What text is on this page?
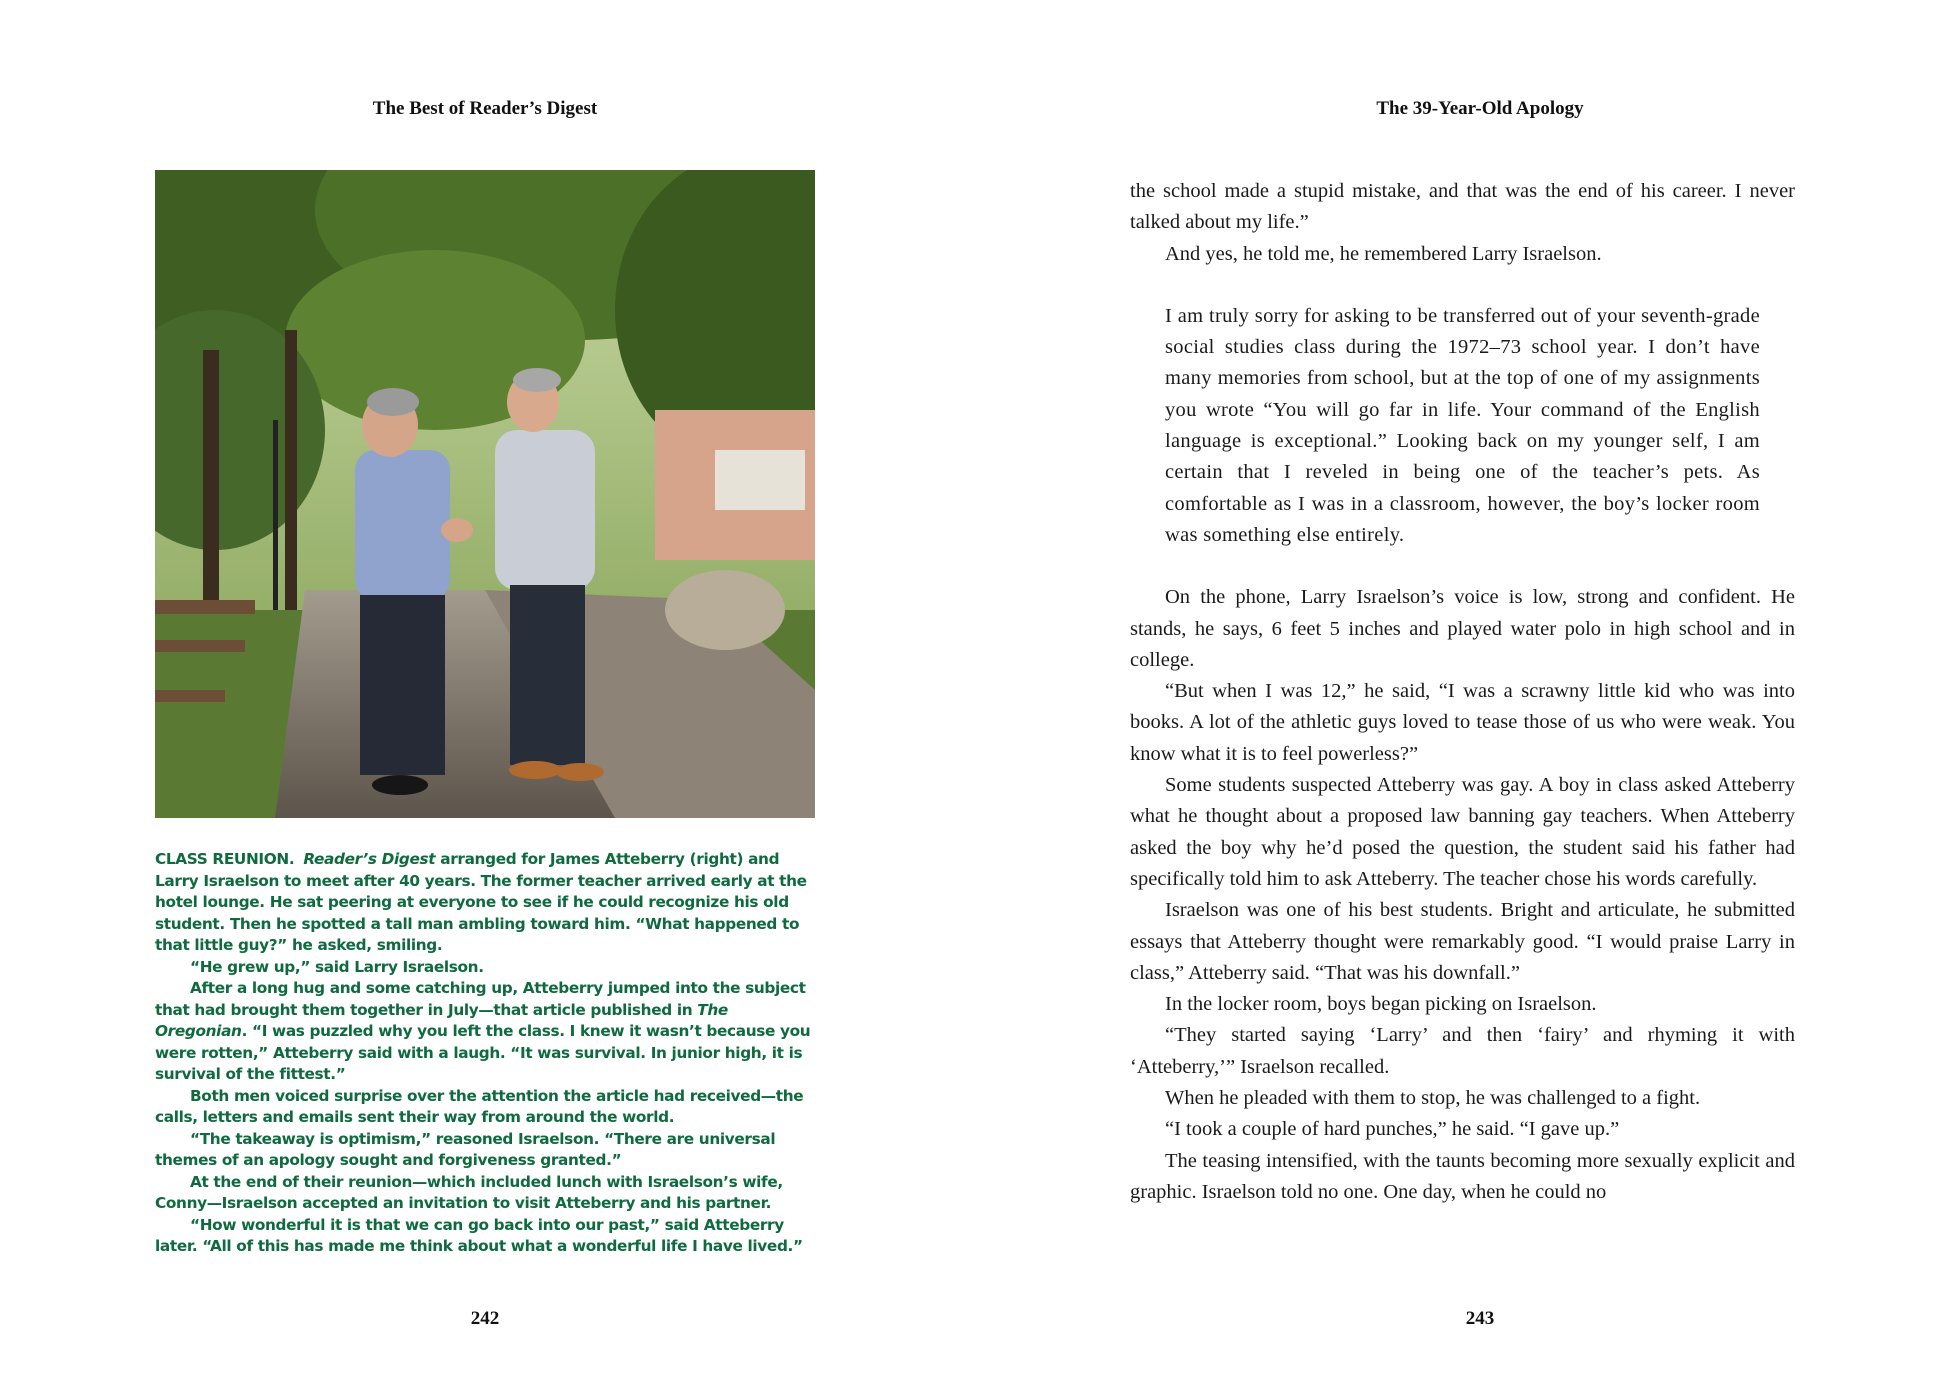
The Best of Reader’s Digest

CLASS REUNION. Reader’s Digest arranged for James Atteberry (right) and Larry Israelson to meet after 40 years. The former teacher arrived early at the hotel lounge. He sat peering at everyone to see if he could recognize his old student. Then he spotted a tall man ambling toward him. “What happened to that little guy?” he asked, smiling.

“He grew up,” said Larry Israelson.

After a long hug and some catching up, Atteberry jumped into the subject that had brought them together in July—that article published in The Oregonian. “I was puzzled why you left the class. I knew it wasn’t because you were rotten,” Atteberry said with a laugh. “It was survival. In junior high, it is survival of the fittest.”

Both men voiced surprise over the attention the article had received—the calls, letters and emails sent their way from around the world.

“The takeaway is optimism,” reasoned Israelson. “There are universal themes of an apology sought and forgiveness granted.”

At the end of their reunion—which included lunch with Israelson’s wife, Conny—Israelson accepted an invitation to visit Atteberry and his partner.

“How wonderful it is that we can go back into our past,” said Atteberry later. “All of this has made me think about what a wonderful life I have lived.”

242
The 39-Year-Old Apology

the school made a stupid mistake, and that was the end of his career. I never talked about my life.”

And yes, he told me, he remembered Larry Israelson.

I am truly sorry for asking to be transferred out of your seventh-grade social studies class during the 1972–73 school year. I don’t have many memories from school, but at the top of one of my assignments you wrote “You will go far in life. Your command of the English language is exceptional.” Looking back on my younger self, I am certain that I reveled in being one of the teacher’s pets. As comfortable as I was in a classroom, however, the boy’s locker room was something else entirely.

On the phone, Larry Israelson’s voice is low, strong and confident. He stands, he says, 6 feet 5 inches and played water polo in high school and in college.

“But when I was 12,” he said, “I was a scrawny little kid who was into books. A lot of the athletic guys loved to tease those of us who were weak. You know what it is to feel powerless?”

Some students suspected Atteberry was gay. A boy in class asked Atteberry what he thought about a proposed law banning gay teachers. When Atteberry asked the boy why he’d posed the question, the student said his father had specifically told him to ask Atteberry. The teacher chose his words carefully.

Israelson was one of his best students. Bright and articulate, he submitted essays that Atteberry thought were remarkably good. “I would praise Larry in class,” Atteberry said. “That was his downfall.”

In the locker room, boys began picking on Israelson.

“They started saying ‘Larry’ and then ‘fairy’ and rhyming it with ‘Atteberry,’” Israelson recalled.

When he pleaded with them to stop, he was challenged to a fight.

“I took a couple of hard punches,” he said. “I gave up.”

The teasing intensified, with the taunts becoming more sexually explicit and graphic. Israelson told no one. One day, when he could no

243
